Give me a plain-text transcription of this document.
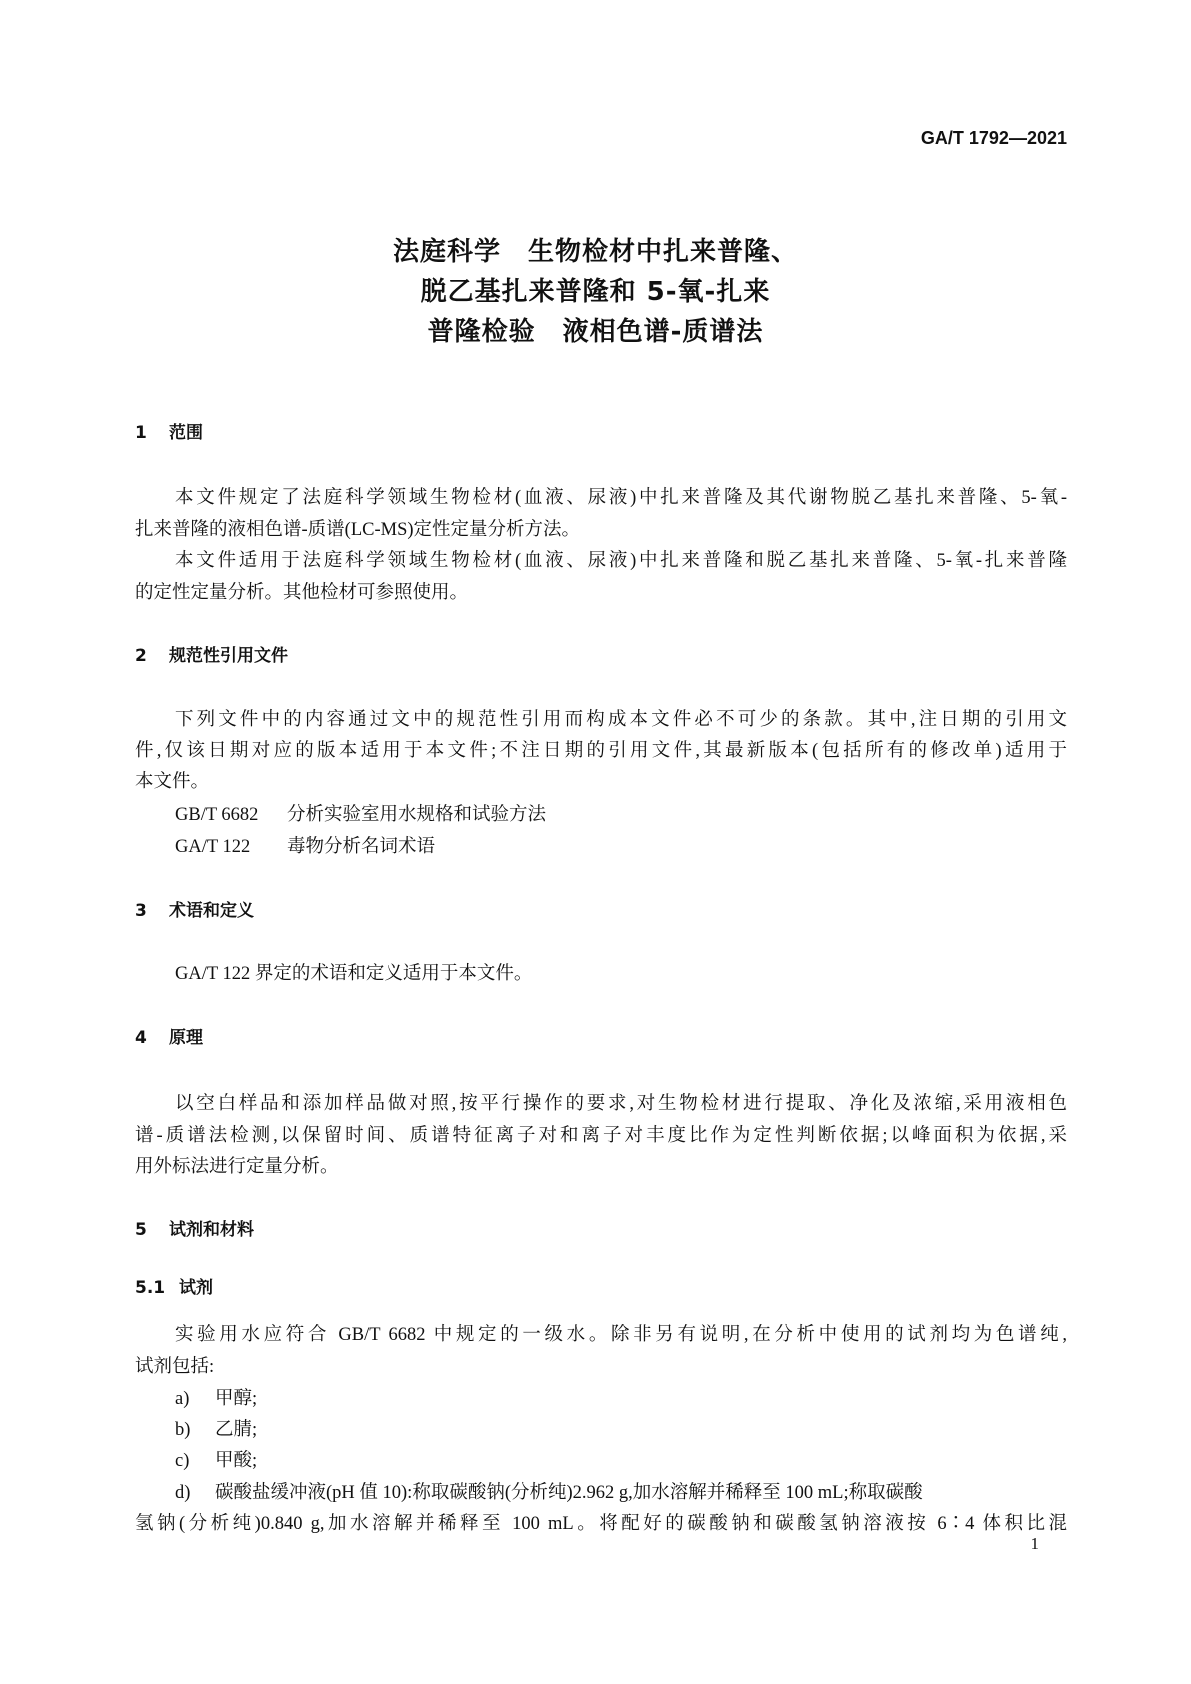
GA/T 1792—2021
法庭科学　生物检材中扎来普隆、
脱乙基扎来普隆和 5-氧-扎来
普隆检验　液相色谱-质谱法
1 范围
本文件规定了法庭科学领域生物检材(血液、尿液)中扎来普隆及其代谢物脱乙基扎来普隆、5-氧-
扎来普隆的液相色谱-质谱(LC-MS)定性定量分析方法。
本文件适用于法庭科学领域生物检材(血液、尿液)中扎来普隆和脱乙基扎来普隆、5-氧-扎来普隆
的定性定量分析。其他检材可参照使用。
2 规范性引用文件
下列文件中的内容通过文中的规范性引用而构成本文件必不可少的条款。其中,注日期的引用文
件,仅该日期对应的版本适用于本文件;不注日期的引用文件,其最新版本(包括所有的修改单)适用于
本文件。
GB/T 6682 分析实验室用水规格和试验方法
GA/T 122 毒物分析名词术语
3 术语和定义
GA/T 122 界定的术语和定义适用于本文件。
4 原理
以空白样品和添加样品做对照,按平行操作的要求,对生物检材进行提取、净化及浓缩,采用液相色
谱-质谱法检测,以保留时间、质谱特征离子对和离子对丰度比作为定性判断依据;以峰面积为依据,采
用外标法进行定量分析。
5 试剂和材料
5.1 试剂
实验用水应符合 GB/T 6682 中规定的一级水。除非另有说明,在分析中使用的试剂均为色谱纯,
试剂包括:
a) 甲醇;
b) 乙腈;
c) 甲酸;
d) 碳酸盐缓冲液(pH 值 10):称取碳酸钠(分析纯)2.962 g,加水溶解并稀释至 100 mL;称取碳酸
氢钠(分析纯)0.840 g,加水溶解并稀释至 100 mL。将配好的碳酸钠和碳酸氢钠溶液按 6∶4 体积比混
1
